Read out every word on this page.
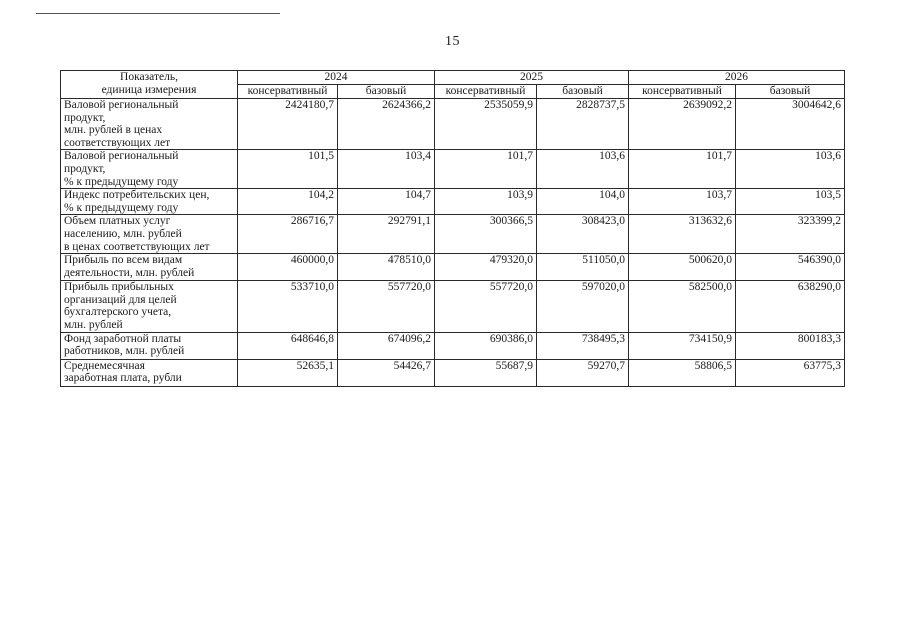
15
Показатель,
единица измерения	2024		2025		2026	
	консервативный	базовый	консервативный	базовый	консервативный	базовый

Валовой региональный
продукт,
млн. рублей в ценах
соответствующих лет	2424180,7	2624366,2	2535059,9	2828737,5	2639092,2	3004642,6

Валовой региональный
продукт,
% к предыдущему году	101,5	103,4	101,7	103,6	101,7	103,6

Индекс потребительских цен,
% к предыдущему году	104,2	104,7	103,9	104,0	103,7	103,5

Объем платных услуг
населению, млн. рублей
в ценах соответствующих лет	286716,7	292791,1	300366,5	308423,0	313632,6	323399,2

Прибыль по всем видам
деятельности, млн. рублей	460000,0	478510,0	479320,0	511050,0	500620,0	546390,0

Прибыль прибыльных
организаций для целей
бухгалтерского учета,
млн. рублей	533710,0	557720,0	557720,0	597020,0	582500,0	638290,0

Фонд заработной платы
работников, млн. рублей	648646,8	674096,2	690386,0	738495,3	734150,9	800183,3

Среднемесячная
заработная плата, рубли	52635,1	54426,7	55687,9	59270,7	58806,5	63775,3
